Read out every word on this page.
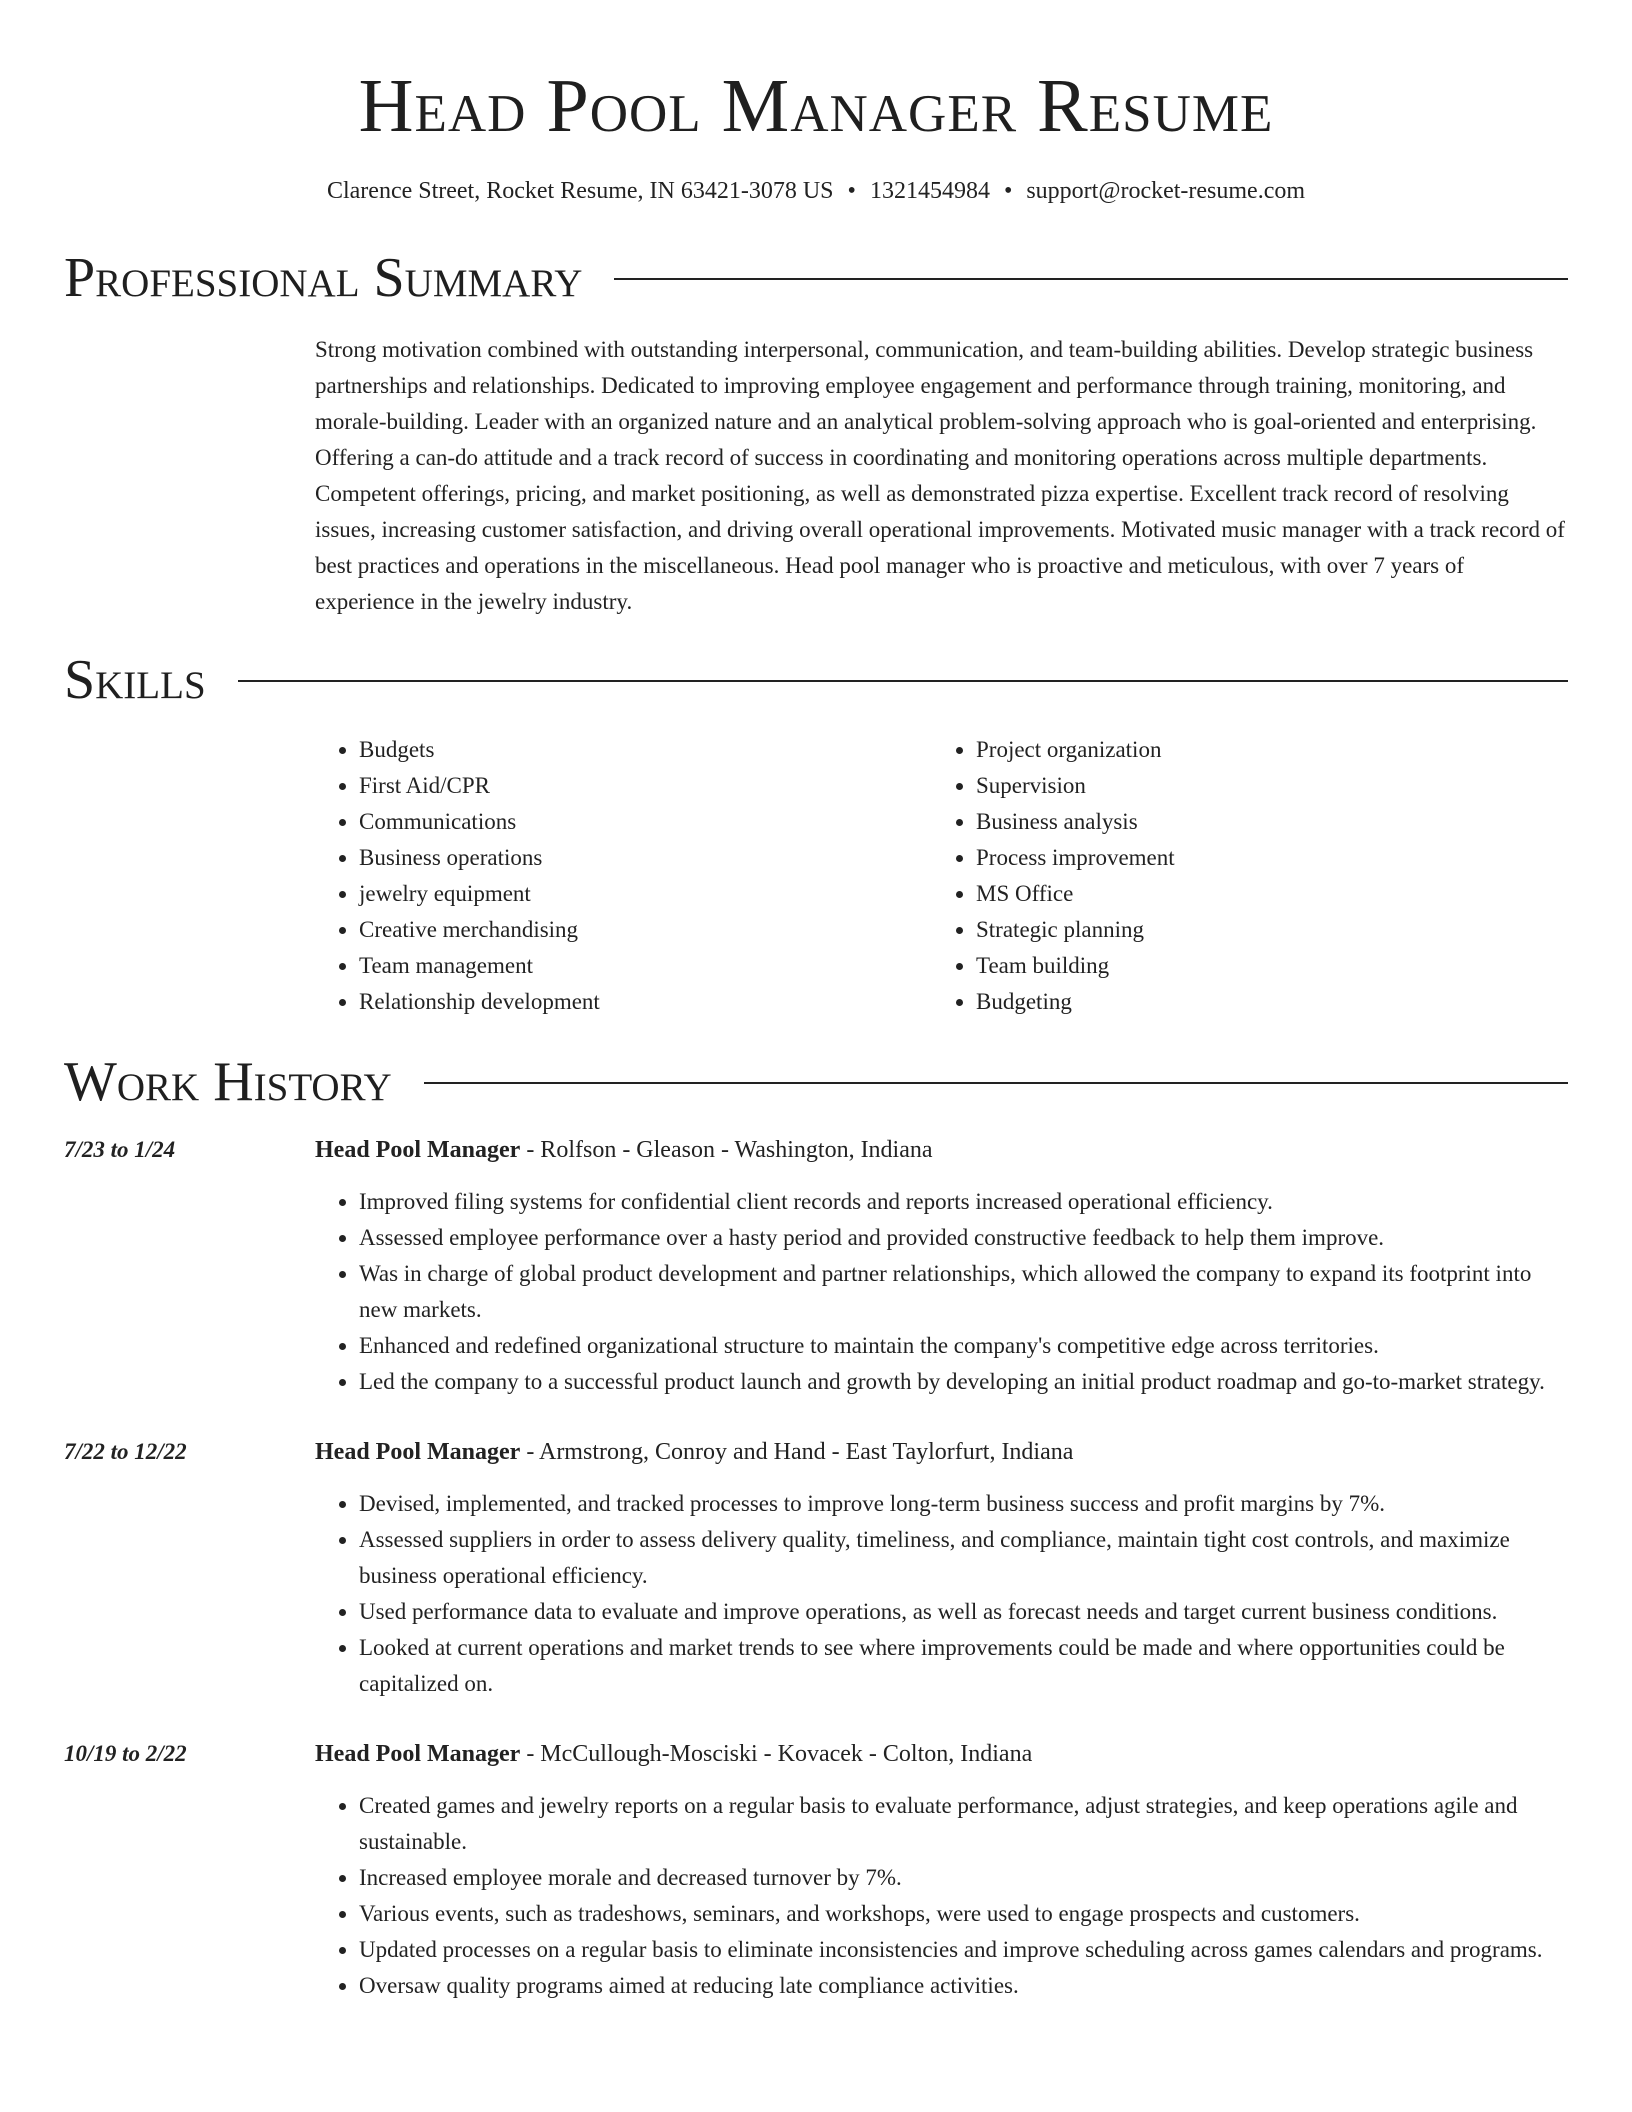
Head Pool Manager Resume
Clarence Street, Rocket Resume, IN 63421-3078 US • 1321454984 • support@rocket-resume.com
Professional Summary
Strong motivation combined with outstanding interpersonal, communication, and team-building abilities. Develop strategic business partnerships and relationships. Dedicated to improving employee engagement and performance through training, monitoring, and morale-building. Leader with an organized nature and an analytical problem-solving approach who is goal-oriented and enterprising. Offering a can-do attitude and a track record of success in coordinating and monitoring operations across multiple departments. Competent offerings, pricing, and market positioning, as well as demonstrated pizza expertise. Excellent track record of resolving issues, increasing customer satisfaction, and driving overall operational improvements. Motivated music manager with a track record of best practices and operations in the miscellaneous. Head pool manager who is proactive and meticulous, with over 7 years of experience in the jewelry industry.
Skills
• Budgets
• First Aid/CPR
• Communications
• Business operations
• jewelry equipment
• Creative merchandising
• Team management
• Relationship development
• Project organization
• Supervision
• Business analysis
• Process improvement
• MS Office
• Strategic planning
• Team building
• Budgeting
Work History
7/23 to 1/24	Head Pool Manager - Rolfson - Gleason - Washington, Indiana
• Improved filing systems for confidential client records and reports increased operational efficiency.
• Assessed employee performance over a hasty period and provided constructive feedback to help them improve.
• Was in charge of global product development and partner relationships, which allowed the company to expand its footprint into new markets.
• Enhanced and redefined organizational structure to maintain the company's competitive edge across territories.
• Led the company to a successful product launch and growth by developing an initial product roadmap and go-to-market strategy.
7/22 to 12/22	Head Pool Manager - Armstrong, Conroy and Hand - East Taylorfurt, Indiana
• Devised, implemented, and tracked processes to improve long-term business success and profit margins by 7%.
• Assessed suppliers in order to assess delivery quality, timeliness, and compliance, maintain tight cost controls, and maximize business operational efficiency.
• Used performance data to evaluate and improve operations, as well as forecast needs and target current business conditions.
• Looked at current operations and market trends to see where improvements could be made and where opportunities could be capitalized on.
10/19 to 2/22	Head Pool Manager - McCullough-Mosciski - Kovacek - Colton, Indiana
• Created games and jewelry reports on a regular basis to evaluate performance, adjust strategies, and keep operations agile and sustainable.
• Increased employee morale and decreased turnover by 7%.
• Various events, such as tradeshows, seminars, and workshops, were used to engage prospects and customers.
• Updated processes on a regular basis to eliminate inconsistencies and improve scheduling across games calendars and programs.
• Oversaw quality programs aimed at reducing late compliance activities.
